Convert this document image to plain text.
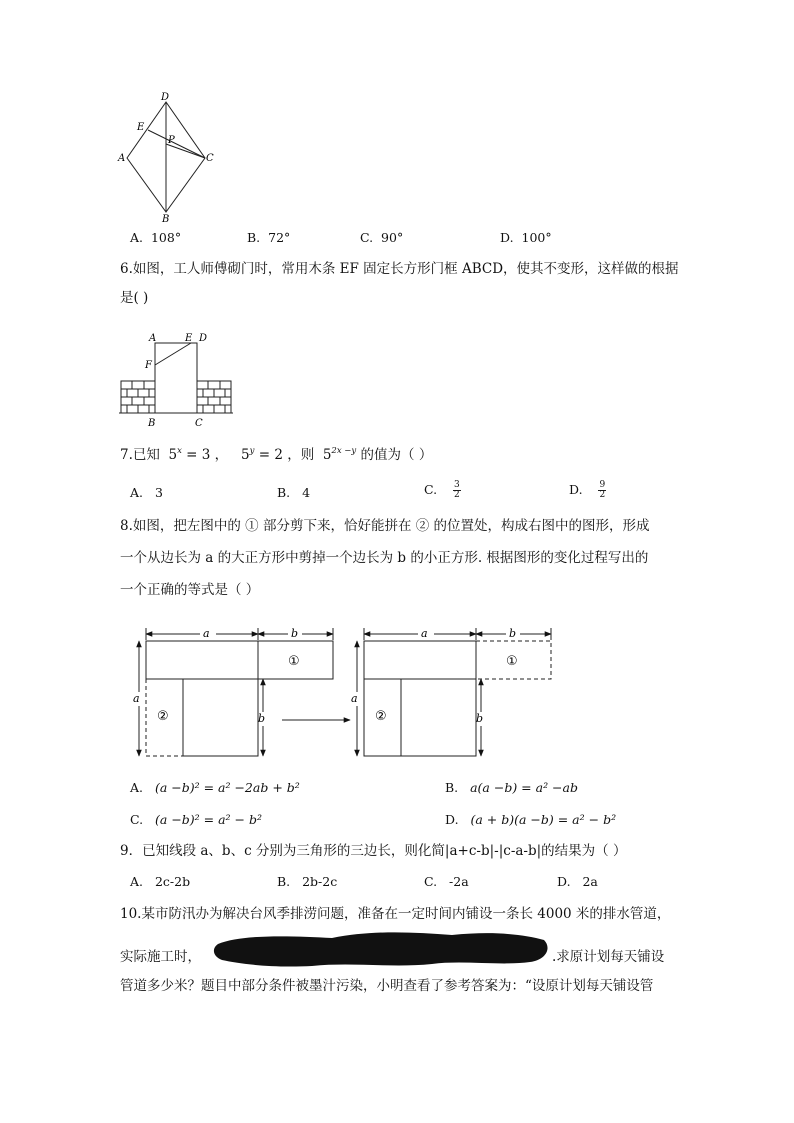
D
E
P
A	C
B
A. 108°	B. 72°	C. 90°	D. 100°
6.如图，工人师傅砌门时，常用木条 EF 固定长方形门框 ABCD，使其不变形，这样做的根据
是( )
A	E D
F
B	C
7.已知 $5^x = 3$ ， $5^y = 2$ ，则 $5^{2x -y}$ 的值为（ ）
A. 3	B. 4	C. $\frac{3}{2}$	D. $\frac{9}{2}$
8.如图，把左图中的 ① 部分剪下来，恰好能拼在 ② 的位置处，构成右图中的图形，形成
一个从边长为 a 的大正方形中剪掉一个边长为 b 的小正方形. 根据图形的变化过程写出的
一个正确的等式是（ ）
a	b
a
b
a	b
a
b
①
②
①
②
A. (a −b)² = a² −2ab + b²	B. a(a −b) = a² −ab
C. (a −b)² = a² − b²	D. (a + b)(a −b) = a² − b²
9．已知线段 a、b、c 分别为三角形的三边长，则化简|a+c-b|-|c-a-b|的结果为（ ）
A. 2c-2b	B. 2b-2c	C. -2a	D. 2a
10.某市防汛办为解决台风季排涝问题，准备在一定时间内铺设一条长 4000 米的排水管道，
实际施工时，	.求原计划每天铺设
管道多少米？题目中部分条件被墨汁污染，小明查看了参考答案为：“设原计划每天铺设管
